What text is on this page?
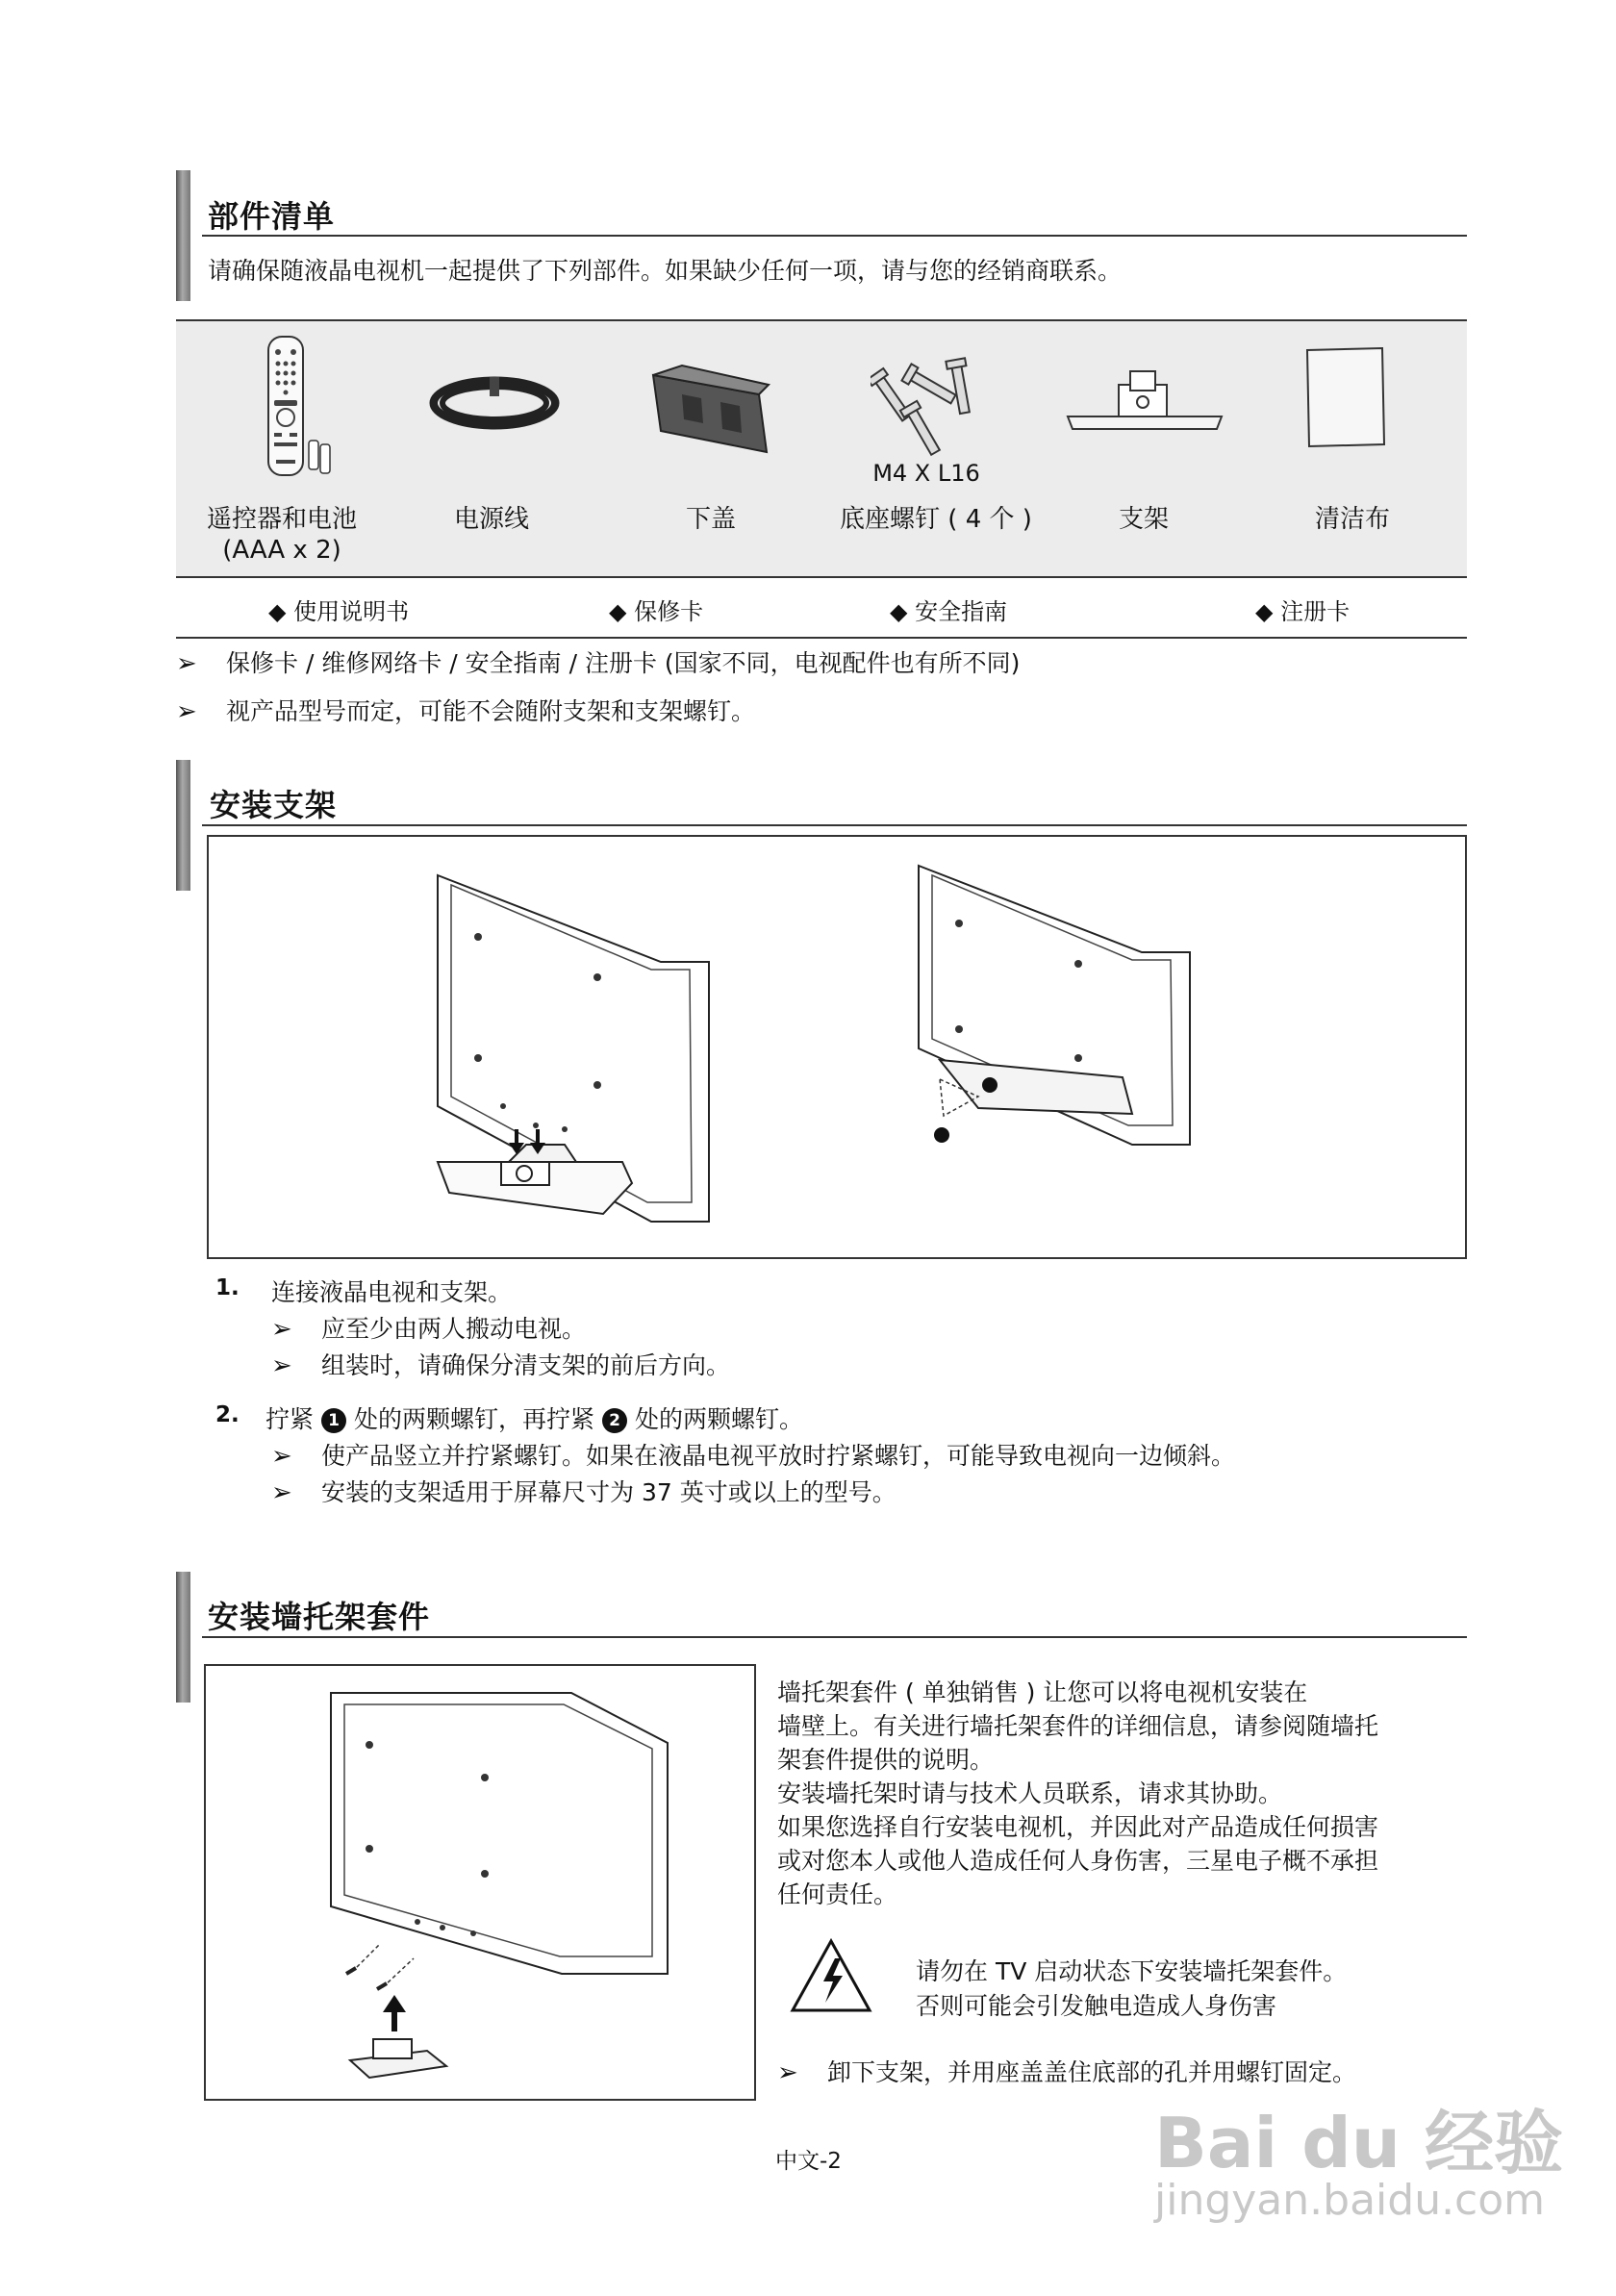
部件清单
请确保随液晶电视机一起提供了下列部件。如果缺少任何一项，请与您的经销商联系。
M4 X L16
遥控器和电池
(AAA x 2)
电源线	下盖	底座螺钉 ( 4 个 )	支架	清洁布
◆ 使用说明书	◆ 保修卡	◆ 安全指南	◆ 注册卡
➢ 保修卡 / 维修网络卡 / 安全指南 / 注册卡 (国家不同，电视配件也有所不同)
➢ 视产品型号而定，可能不会随附支架和支架螺钉。
安装支架
1. 连接液晶电视和支架。
➢ 应至少由两人搬动电视。
➢ 组装时，请确保分清支架的前后方向。
2. 拧紧 1 处的两颗螺钉，再拧紧 2 处的两颗螺钉。
➢ 使产品竖立并拧紧螺钉。如果在液晶电视平放时拧紧螺钉，可能导致电视向一边倾斜。
➢ 安装的支架适用于屏幕尺寸为 37 英寸或以上的型号。
安装墙托架套件
墙托架套件 ( 单独销售 ) 让您可以将电视机安装在
墙壁上。有关进行墙托架套件的详细信息，请参阅随墙托
架套件提供的说明。
安装墙托架时请与技术人员联系，请求其协助。
如果您选择自行安装电视机，并因此对产品造成任何损害
或对您本人或他人造成任何人身伤害，三星电子概不承担
任何责任。
请勿在 TV 启动状态下安装墙托架套件。
否则可能会引发触电造成人身伤害
➢ 卸下支架，并用座盖盖住底部的孔并用螺钉固定。
中文-2	Bai du 经验
jingyan.baidu.com
